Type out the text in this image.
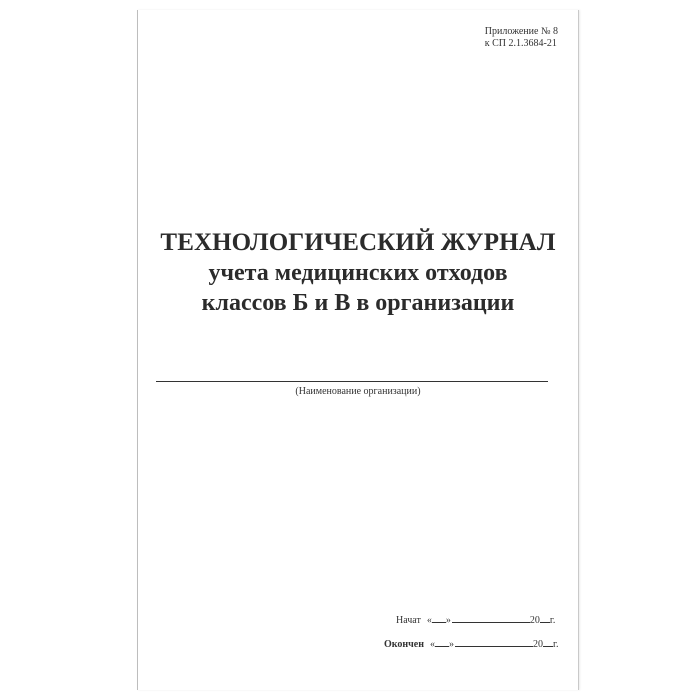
Приложение № 8
к СП 2.1.3684-21
ТЕХНОЛОГИЧЕСКИЙ ЖУРНАЛ
учета медицинских отходов
классов Б и В в организации
(Наименование организации)
Начат « »	20 г.
Окончен « »	20 г.
